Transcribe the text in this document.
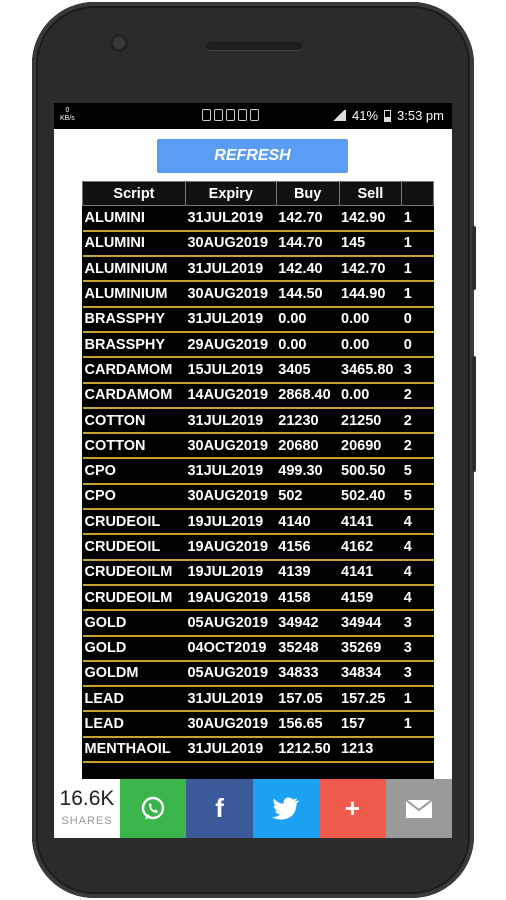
0
KB/s	41% 3:53 pm
REFRESH
Script	Expiry	Buy	Sell	
ALUMINI	31JUL2019	142.70	142.90	1
ALUMINI	30AUG2019	144.70	145	1
ALUMINIUM	31JUL2019	142.40	142.70	1
ALUMINIUM	30AUG2019	144.50	144.90	1
BRASSPHY	31JUL2019	0.00	0.00	0
BRASSPHY	29AUG2019	0.00	0.00	0
CARDAMOM	15JUL2019	3405	3465.80	3
CARDAMOM	14AUG2019	2868.40	0.00	2
COTTON	31JUL2019	21230	21250	2
COTTON	30AUG2019	20680	20690	2
CPO	31JUL2019	499.30	500.50	5
CPO	30AUG2019	502	502.40	5
CRUDEOIL	19JUL2019	4140	4141	4
CRUDEOIL	19AUG2019	4156	4162	4
CRUDEOILM	19JUL2019	4139	4141	4
CRUDEOILM	19AUG2019	4158	4159	4
GOLD	05AUG2019	34942	34944	3
GOLD	04OCT2019	35248	35269	3
GOLDM	05AUG2019	34833	34834	3
LEAD	31JUL2019	157.05	157.25	1
LEAD	30AUG2019	156.65	157	1
MENTHAOIL	31JUL2019	1212.50	1213	
16.6K
SHARES	f	+
